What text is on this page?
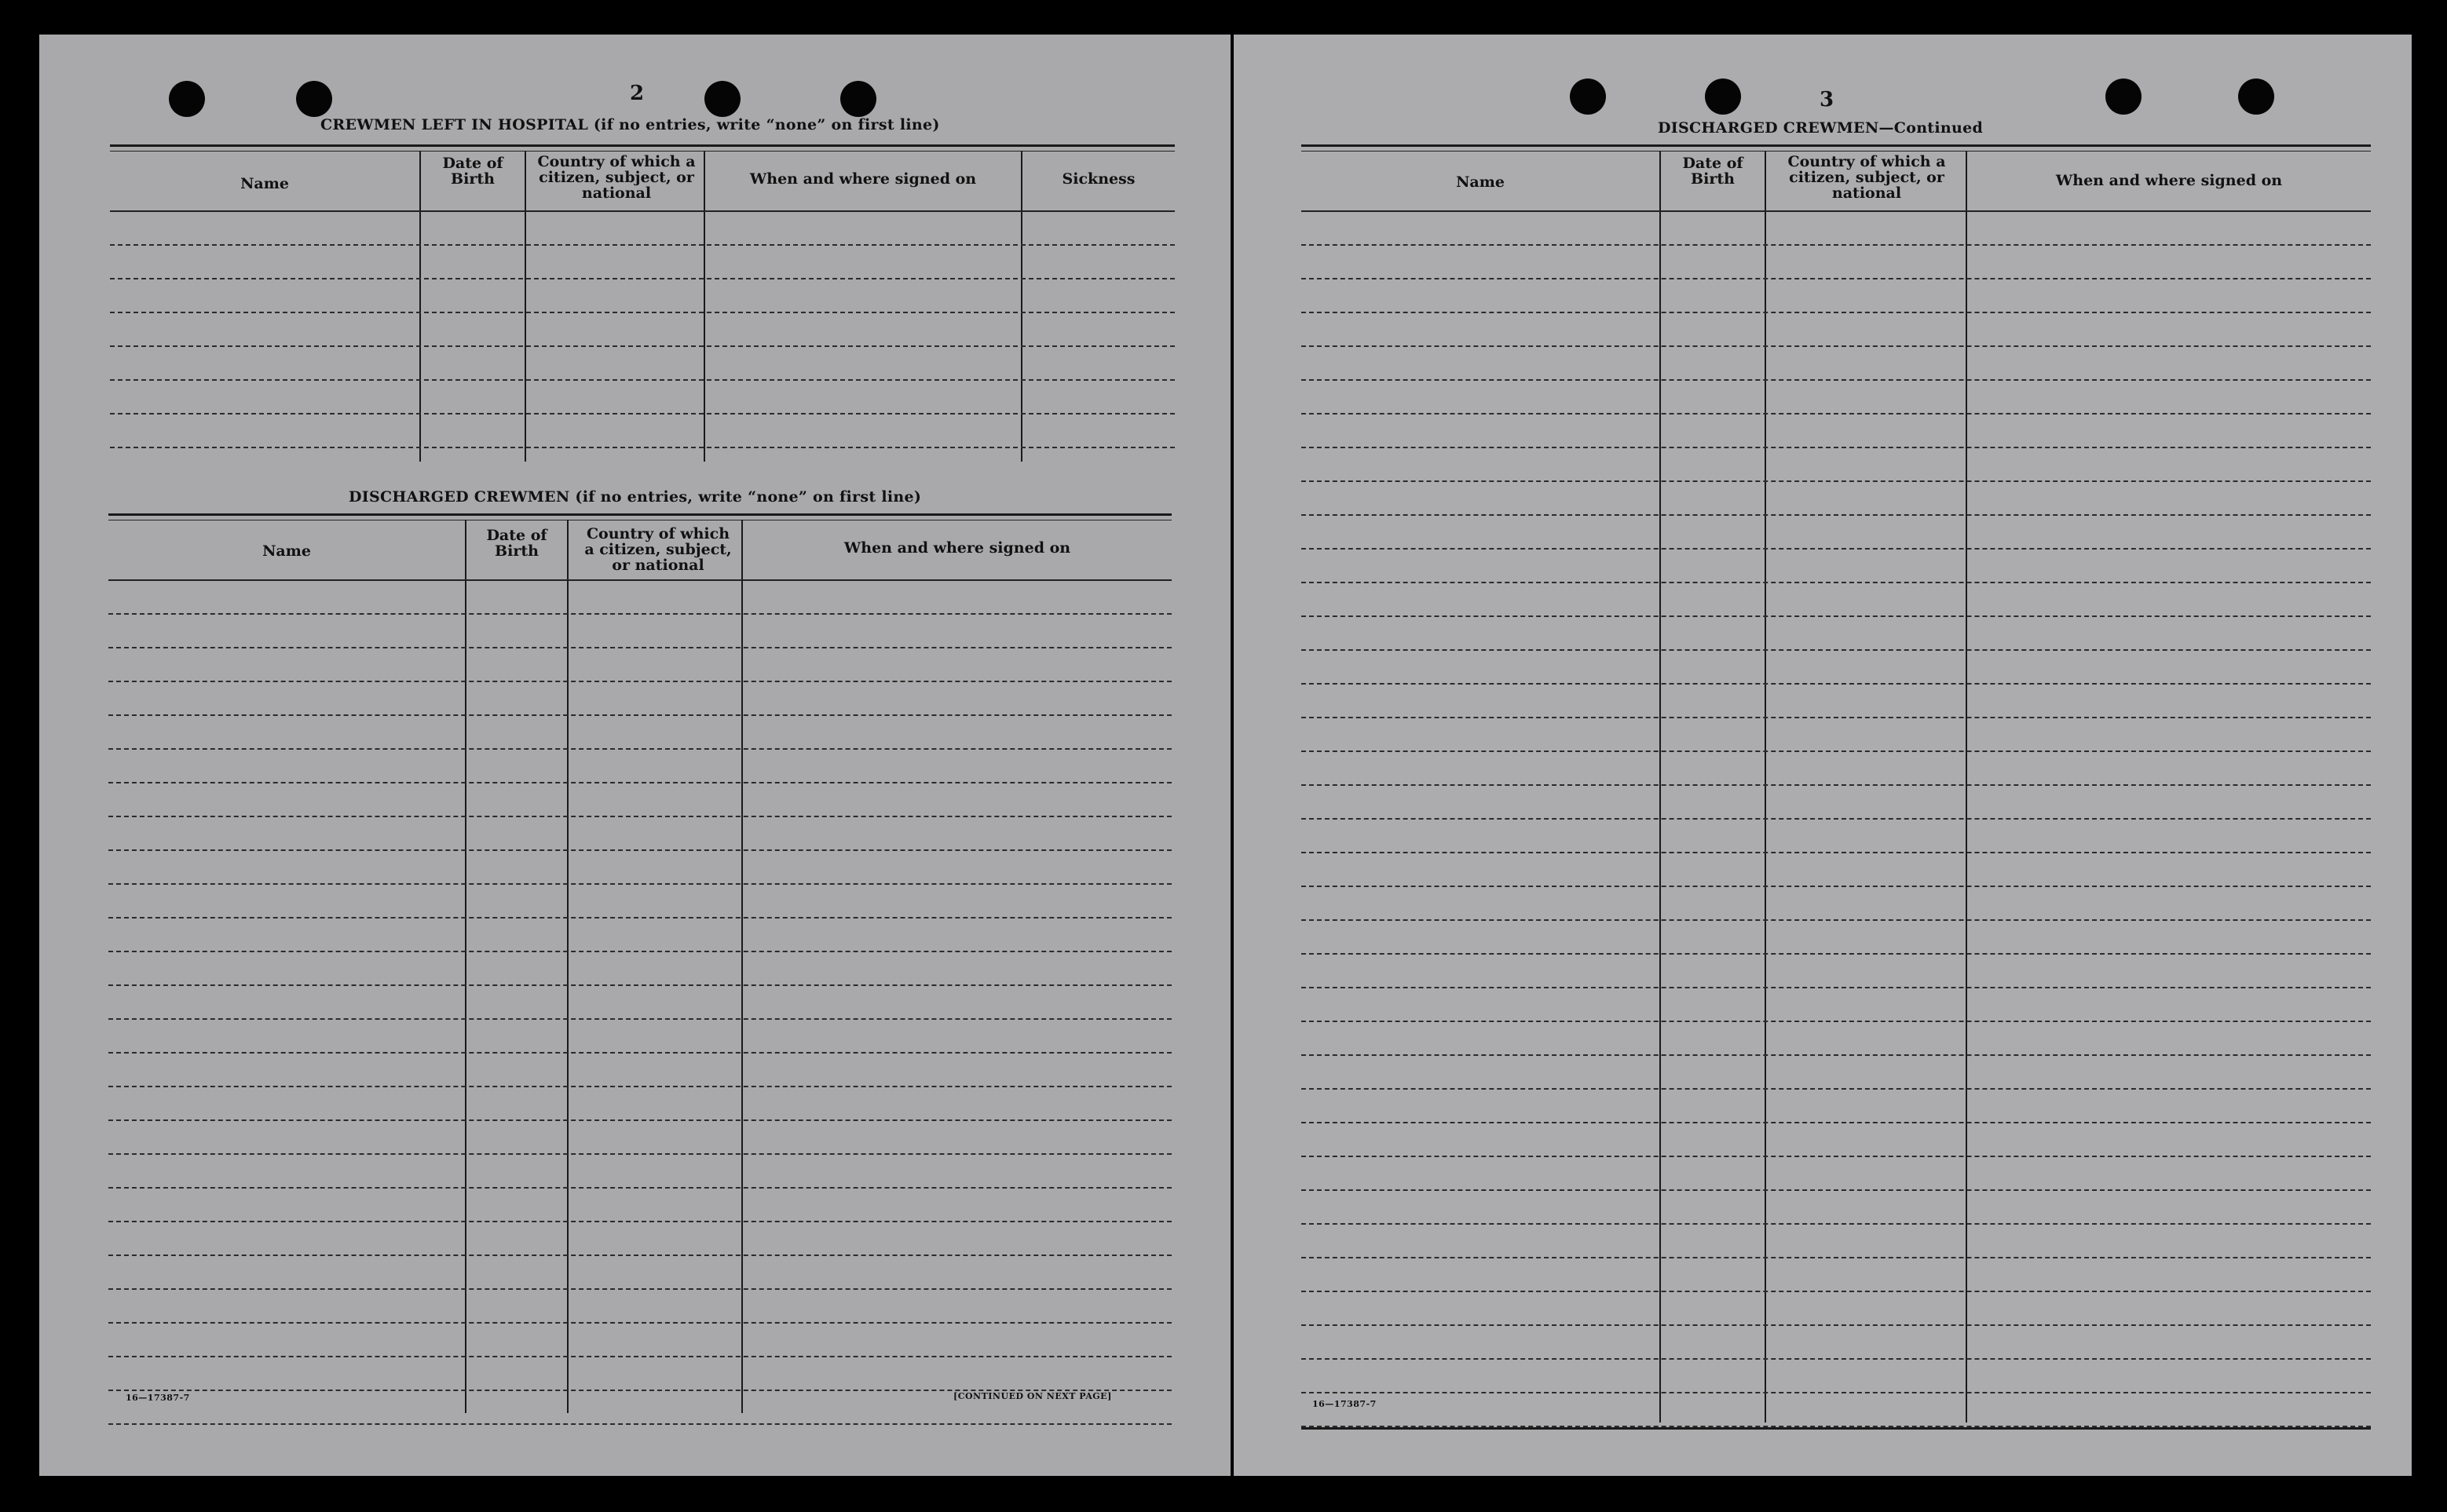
2
CREWMEN LEFT IN HOSPITAL (if no entries, write “none” on first line)
Name
Date of Birth
Country of which a citizen, subject, or national
When and where signed on	Sickness
DISCHARGED CREWMEN (if no entries, write “none” on first line)
Name
Date of Birth
Country of which a citizen, subject, or national
When and where signed on
16—17387-7	[CONTINUED ON NEXT PAGE]
3
DISCHARGED CREWMEN—Continued
Name
Date of Birth
Country of which a citizen, subject, or national
When and where signed on
16—17387-7
